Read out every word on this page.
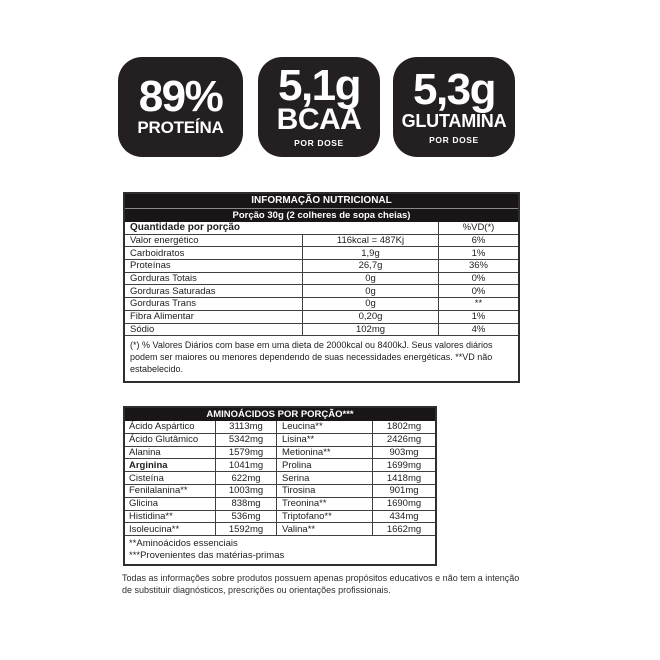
89%
PROTEÍNA
5,1g
BCAA
POR DOSE
5,3g
GLUTAMINA
POR DOSE
INFORMAÇÃO NUTRICIONAL
Porção 30g (2 colheres de sopa cheias)
Quantidade por porção	%VD(*)
Valor energético	116kcal = 487Kj	6%
Carboidratos	1,9g	1%
Proteínas	26,7g	36%
Gorduras Totais	0g	0%
Gorduras Saturadas	0g	0%
Gorduras Trans	0g	**
Fibra Alimentar	0,20g	1%
Sódio	102mg	4%
(*) % Valores Diários com base em uma dieta de 2000kcal ou 8400kJ. Seus valores diários podem ser maiores ou menores dependendo de suas necessidades energéticas. **VD não estabelecido.
AMINOÁCIDOS POR PORÇÃO***
Ácido Aspártico	3113mg	Leucina**	1802mg
Ácido Glutâmico	5342mg	Lisina**	2426mg
Alanina	1579mg	Metionina**	903mg
Arginina	1041mg	Prolina	1699mg
Cisteína	622mg	Serina	1418mg
Fenilalanina**	1003mg	Tirosina	901mg
Glicina	838mg	Treonina**	1690mg
Histidina**	536mg	Triptofano**	434mg
Isoleucina**	1592mg	Valina**	1662mg
**Aminoácidos essenciais
***Provenientes das matérias-primas
Todas as informações sobre produtos possuem apenas propósitos educativos e não tem a intenção de substituir diagnósticos, prescrições ou orientações profissionais.
